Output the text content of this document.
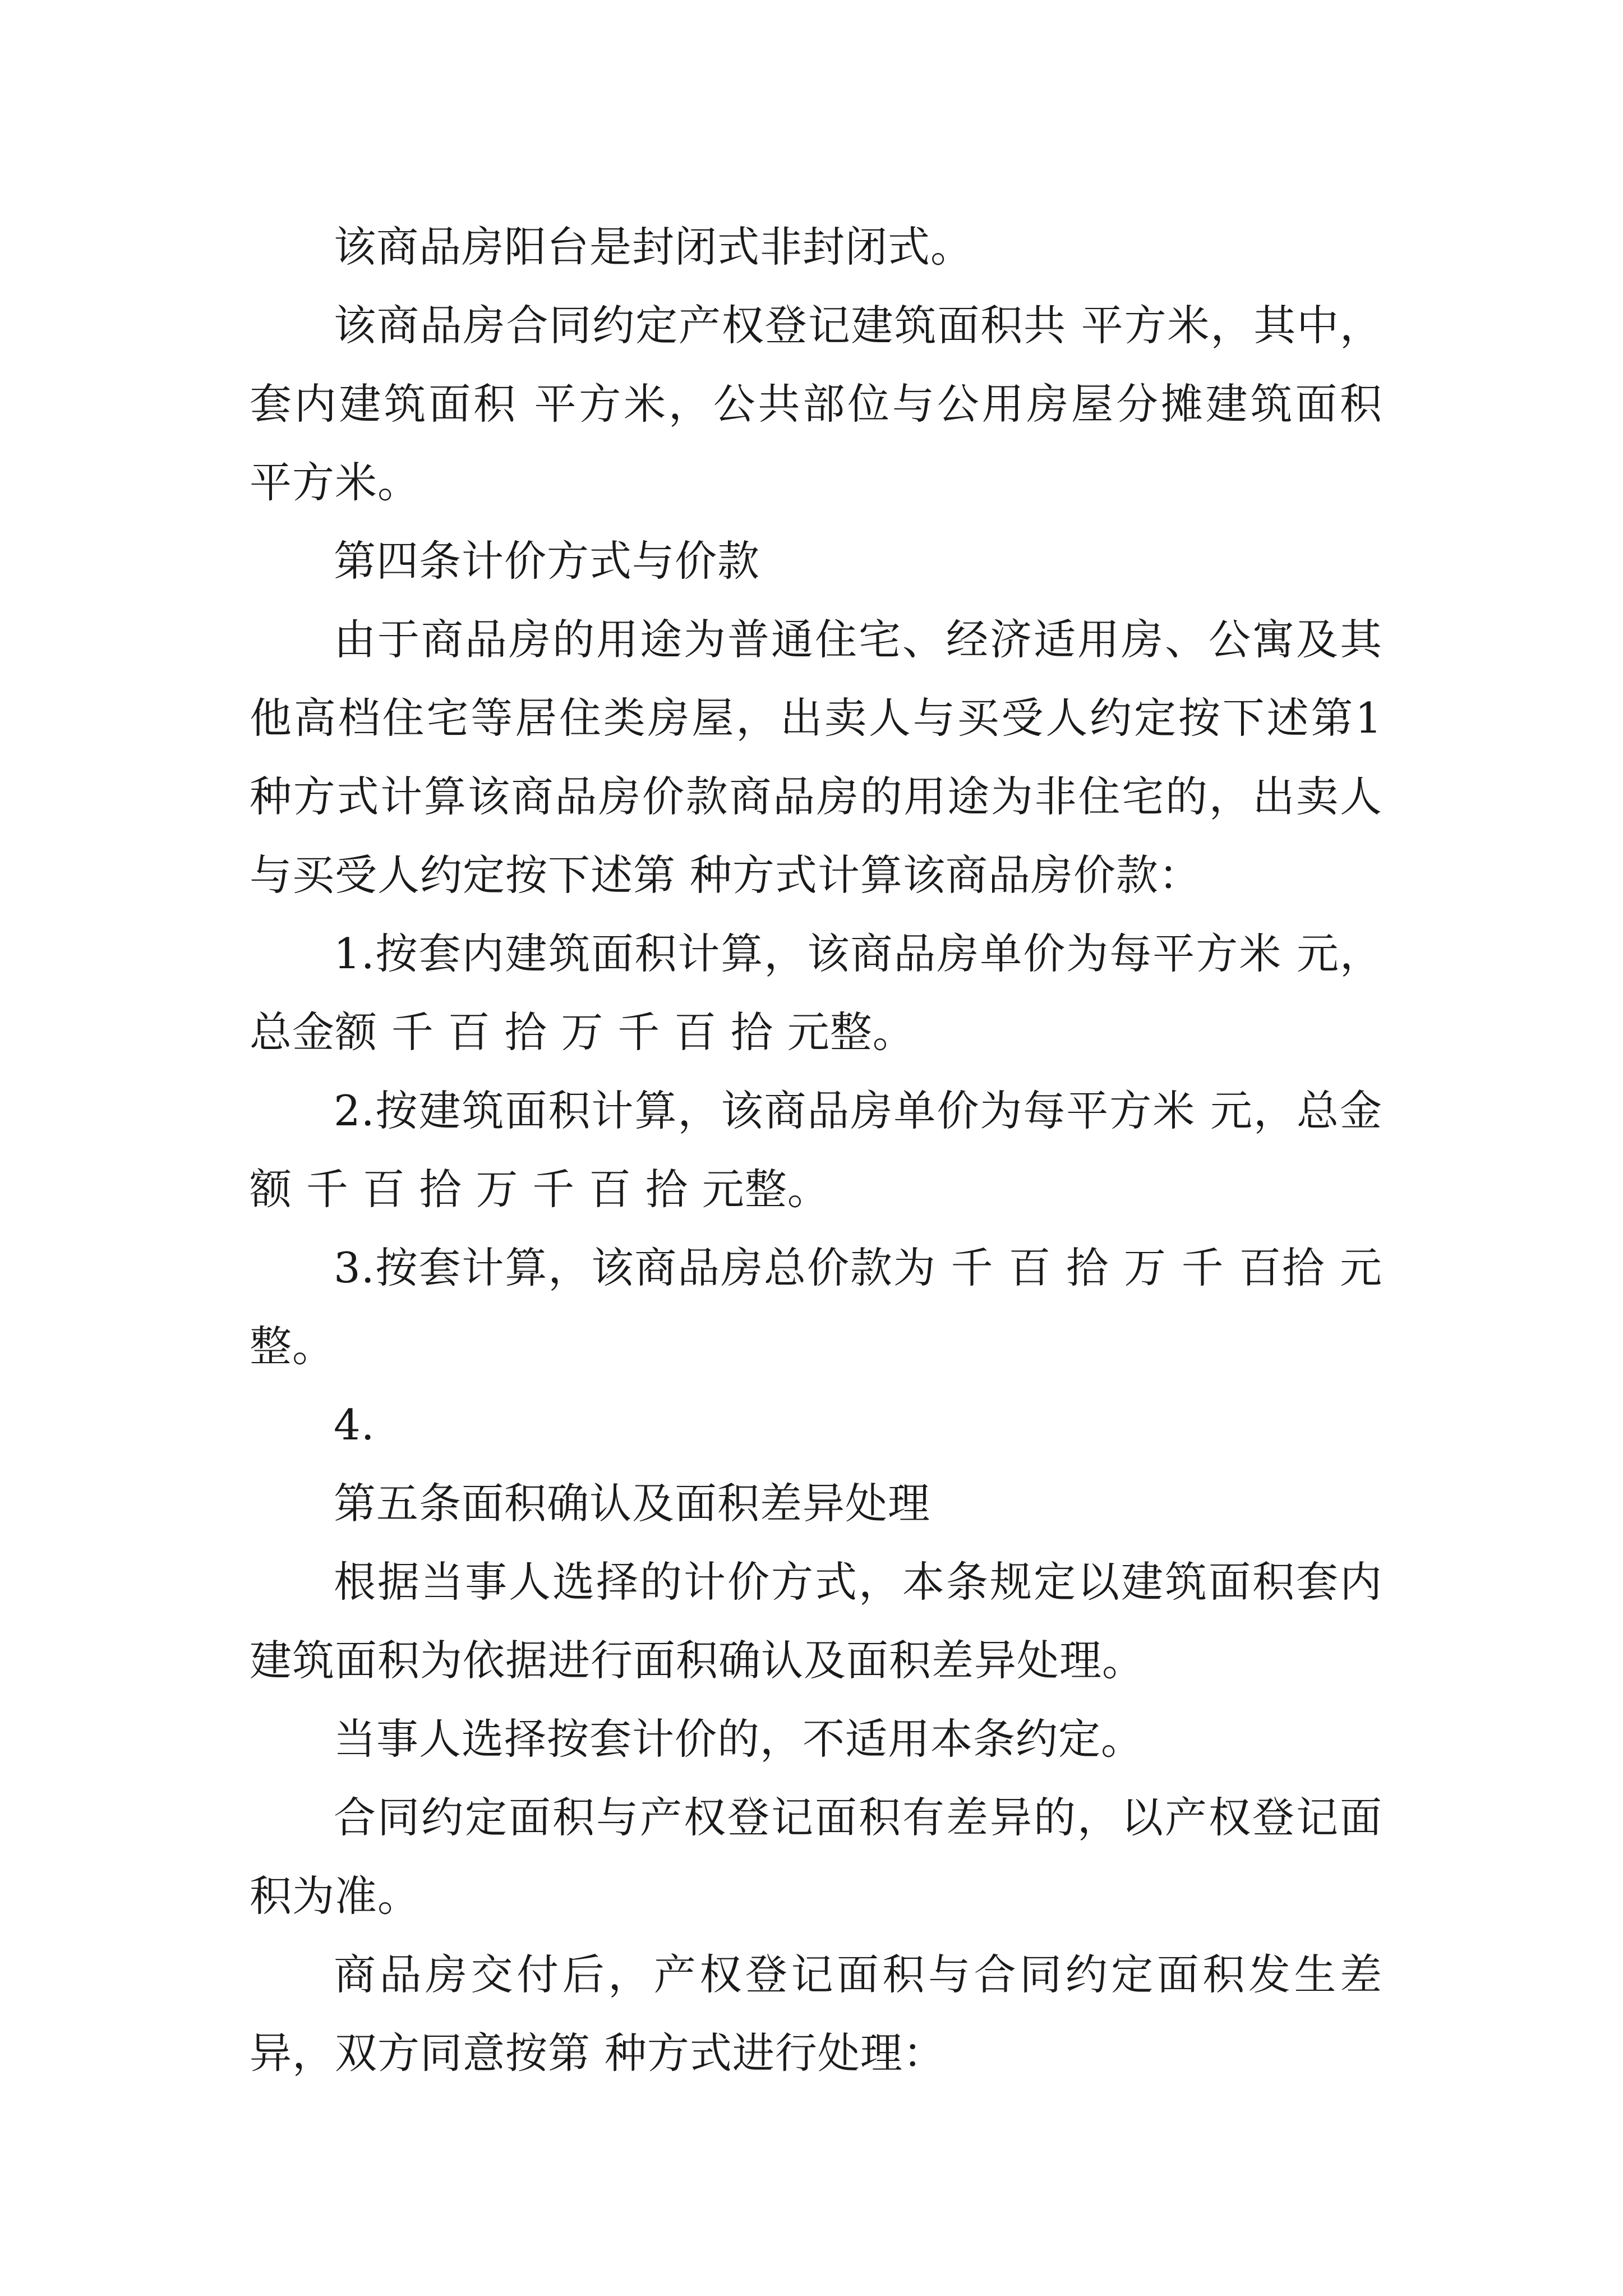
该商品房阳台是封闭式非封闭式。

该商品房合同约定产权登记建筑面积共 平方米，其中，套内建筑面积 平方米，公共部位与公用房屋分摊建筑面积 平方米。

第四条计价方式与价款

由于商品房的用途为普通住宅、经济适用房、公寓及其他高档住宅等居住类房屋，出卖人与买受人约定按下述第1种方式计算该商品房价款商品房的用途为非住宅的，出卖人与买受人约定按下述第 种方式计算该商品房价款：

1.按套内建筑面积计算，该商品房单价为每平方米 元，总金额 千 百 拾 万 千 百 拾 元整。

2.按建筑面积计算，该商品房单价为每平方米 元，总金额 千 百 拾 万 千 百 拾 元整。

3.按套计算，该商品房总价款为 千 百 拾 万 千 百拾 元整。

4.

第五条面积确认及面积差异处理

根据当事人选择的计价方式，本条规定以建筑面积套内建筑面积为依据进行面积确认及面积差异处理。

当事人选择按套计价的，不适用本条约定。

合同约定面积与产权登记面积有差异的，以产权登记面积为准。

商品房交付后，产权登记面积与合同约定面积发生差异，双方同意按第 种方式进行处理：
